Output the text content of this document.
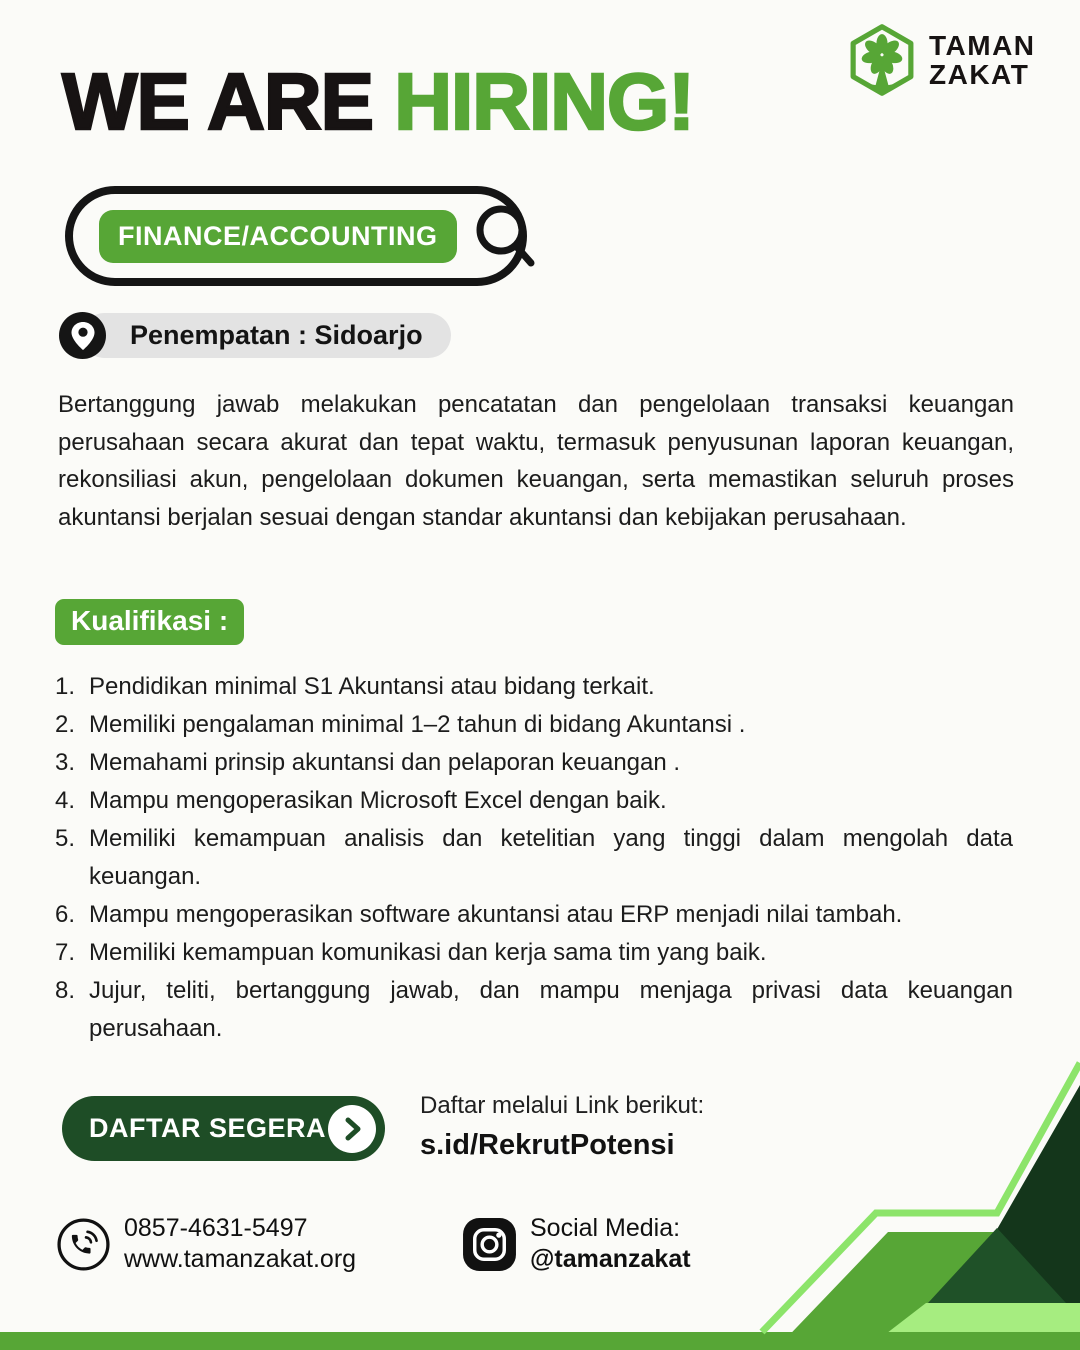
WE ARE HIRING!
TAMAN
ZAKAT
FINANCE/ACCOUNTING
Penempatan : Sidoarjo

Bertanggung jawab melakukan pencatatan dan pengelolaan transaksi keuangan perusahaan secara akurat dan tepat waktu, termasuk penyusunan laporan keuangan, rekonsiliasi akun, pengelolaan dokumen keuangan, serta memastikan seluruh proses akuntansi berjalan sesuai dengan standar akuntansi dan kebijakan perusahaan.

Kualifikasi :
1. Pendidikan minimal S1 Akuntansi atau bidang terkait.
2. Memiliki pengalaman minimal 1–2 tahun di bidang Akuntansi .
3. Memahami prinsip akuntansi dan pelaporan keuangan .
4. Mampu mengoperasikan Microsoft Excel dengan baik.
5. Memiliki kemampuan analisis dan ketelitian yang tinggi dalam mengolah data keuangan.
6. Mampu mengoperasikan software akuntansi atau ERP menjadi nilai tambah.
7. Memiliki kemampuan komunikasi dan kerja sama tim yang baik.
8. Jujur, teliti, bertanggung jawab, dan mampu menjaga privasi data keuangan perusahaan.
DAFTAR SEGERA
Daftar melalui Link berikut:
s.id/RekrutPotensi
0857-4631-5497
www.tamanzakat.org
Social Media:
@tamanzakat
